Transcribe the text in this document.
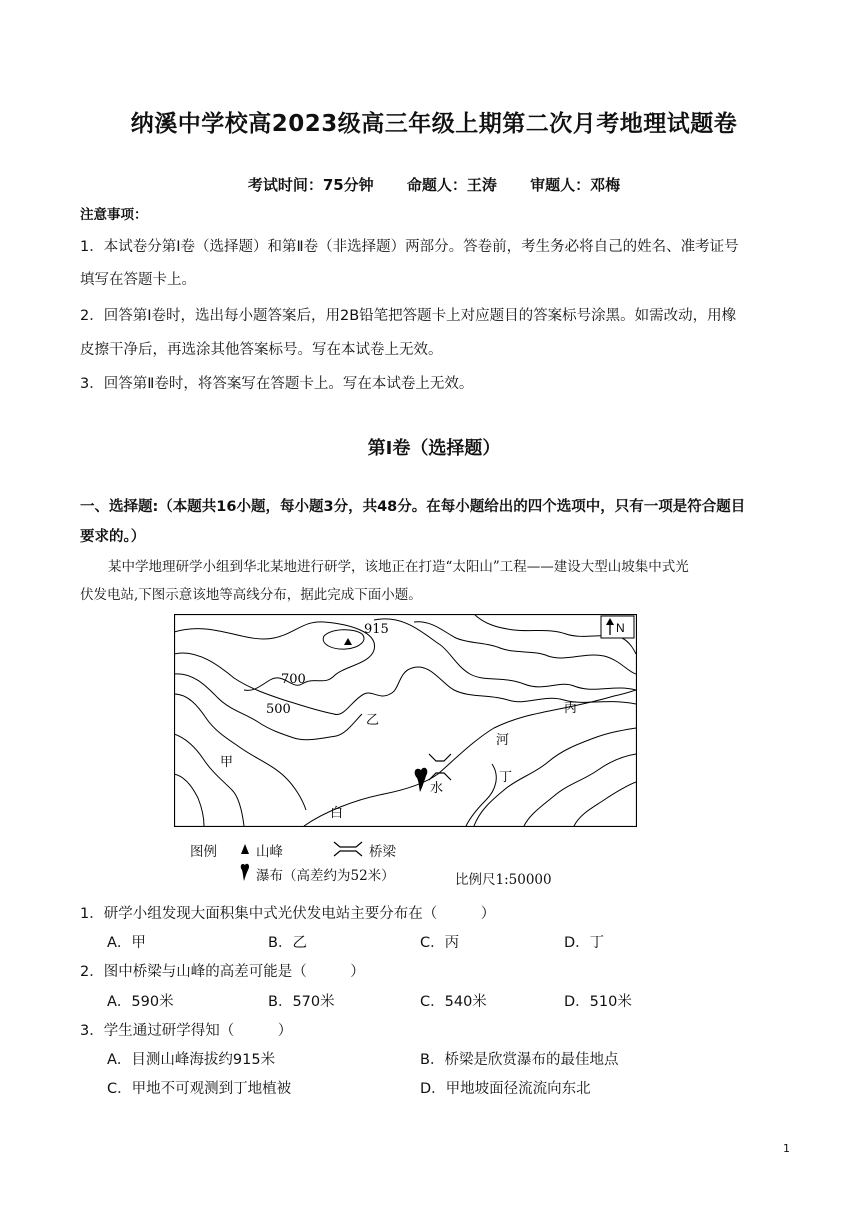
纳溪中学校高2023级高三年级上期第二次月考地理试题卷
考试时间：75分钟 命题人：王涛 审题人：邓梅
注意事项：
1．本试卷分第Ⅰ卷（选择题）和第Ⅱ卷（非选择题）两部分。答卷前，考生务必将自己的姓名、准考证号
填写在答题卡上。
2．回答第Ⅰ卷时，选出每小题答案后，用2B铅笔把答题卡上对应题目的答案标号涂黑。如需改动，用橡
皮擦干净后，再选涂其他答案标号。写在本试卷上无效。
3．回答第Ⅱ卷时，将答案写在答题卡上。写在本试卷上无效。
第Ⅰ卷（选择题）
一、选择题:（本题共16小题，每小题3分，共48分。在每小题给出的四个选项中，只有一项是符合题目
要求的。）
某中学地理研学小组到华北某地进行研学，该地正在打造“太阳山”工程——建设大型山坡集中式光
伏发电站,下图示意该地等高线分布，据此完成下面小题。
915
700
500
甲
乙
丙
丁
河
白
水
N
图例	山峰	桥梁
瀑布（高差约为52米）	比例尺1:50000
1．研学小组发现大面积集中式光伏发电站主要分布在（　　　）
A．甲	B．乙	C．丙	D．丁
2．图中桥梁与山峰的高差可能是（　　　）
A．590米	B．570米	C．540米	D．510米
3．学生通过研学得知（　　　）
A．目测山峰海拔约915米	B．桥梁是欣赏瀑布的最佳地点
C．甲地不可观测到丁地植被	D．甲地坡面径流流向东北
1
